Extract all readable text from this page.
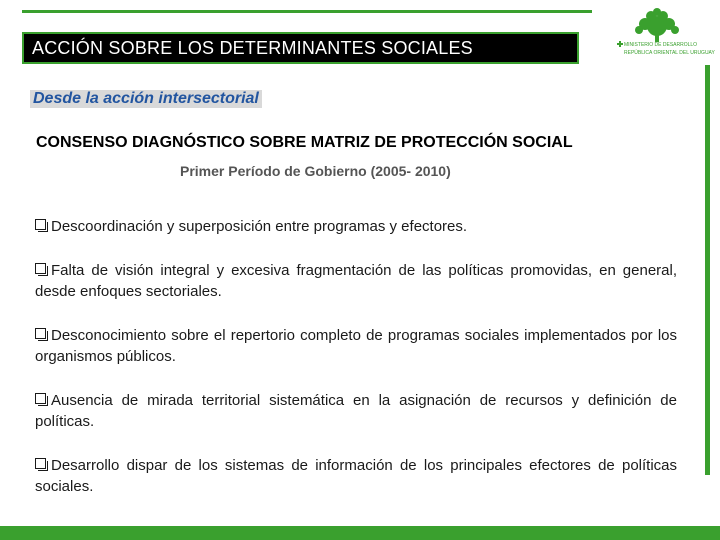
ACCIÓN SOBRE LOS DETERMINANTES SOCIALES	MINISTERIO DE DESARROLLO
REPÚBLICA ORIENTAL DEL URUGUAY
Desde la acción intersectorial
CONSENSO DIAGNÓSTICO SOBRE MATRIZ DE PROTECCIÓN SOCIAL
Primer Período de Gobierno (2005- 2010)
Descoordinación y superposición entre programas y efectores.
Falta de visión integral y excesiva fragmentación de las políticas promovidas, en general, desde enfoques sectoriales.
Desconocimiento sobre el repertorio completo de programas sociales implementados por los organismos públicos.
Ausencia de mirada territorial sistemática en la asignación de recursos y definición de políticas.
Desarrollo dispar de los sistemas de información de los principales efectores de políticas sociales.
